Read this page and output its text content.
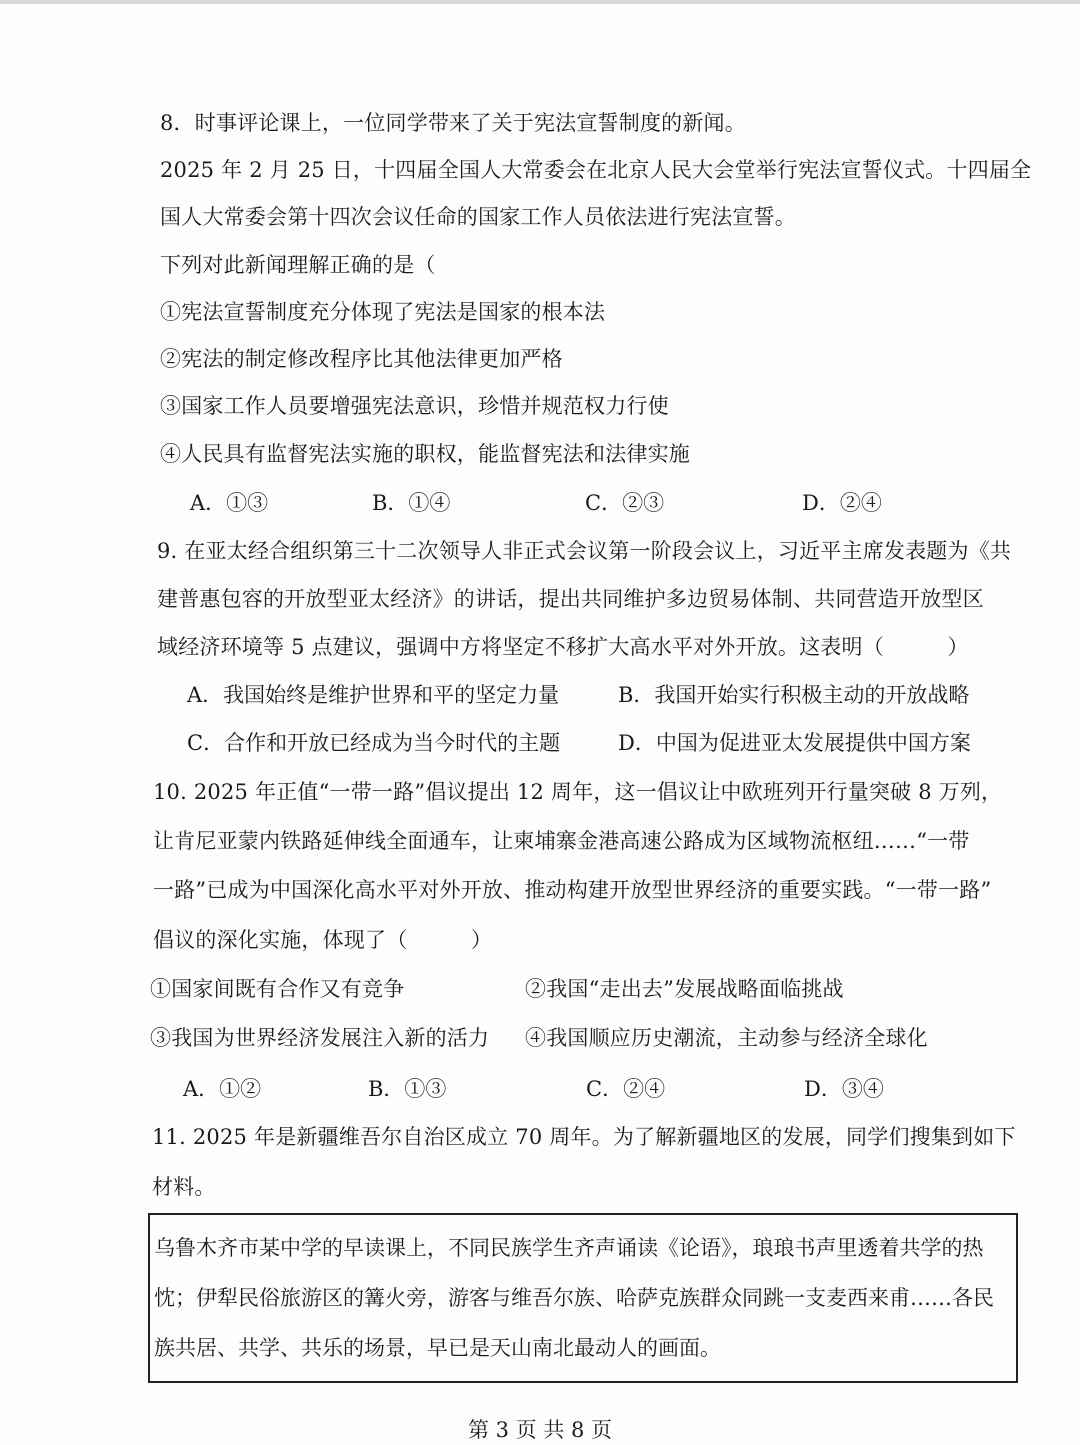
8．时事评论课上，一位同学带来了关于宪法宣誓制度的新闻。
2025 年 2 月 25 日，十四届全国人大常委会在北京人民大会堂举行宪法宣誓仪式。十四届全
国人大常委会第十四次会议任命的国家工作人员依法进行宪法宣誓。
下列对此新闻理解正确的是（
①宪法宣誓制度充分体现了宪法是国家的根本法
②宪法的制定修改程序比其他法律更加严格
③国家工作人员要增强宪法意识，珍惜并规范权力行使
④人民具有监督宪法实施的职权，能监督宪法和法律实施
A．①③	B．①④	C．②③	D．②④
9. 在亚太经合组织第三十二次领导人非正式会议第一阶段会议上，习近平主席发表题为《共
建普惠包容的开放型亚太经济》的讲话，提出共同维护多边贸易体制、共同营造开放型区
域经济环境等 5 点建议，强调中方将坚定不移扩大高水平对外开放。这表明（　　　）
A．我国始终是维护世界和平的坚定力量	B．我国开始实行积极主动的开放战略
C．合作和开放已经成为当今时代的主题	D．中国为促进亚太发展提供中国方案
10. 2025 年正值“一带一路”倡议提出 12 周年，这一倡议让中欧班列开行量突破 8 万列，
让肯尼亚蒙内铁路延伸线全面通车，让柬埔寨金港高速公路成为区域物流枢纽……“一带
一路”已成为中国深化高水平对外开放、推动构建开放型世界经济的重要实践。“一带一路”
倡议的深化实施，体现了（　　　）
①国家间既有合作又有竞争	②我国“走出去”发展战略面临挑战
③我国为世界经济发展注入新的活力 ④我国顺应历史潮流，主动参与经济全球化
A．①②	B．①③	C．②④	D．③④
11. 2025 年是新疆维吾尔自治区成立 70 周年。为了解新疆地区的发展，同学们搜集到如下
材料。
乌鲁木齐市某中学的早读课上，不同民族学生齐声诵读《论语》，琅琅书声里透着共学的热
忱；伊犁民俗旅游区的篝火旁，游客与维吾尔族、哈萨克族群众同跳一支麦西来甫……各民
族共居、共学、共乐的场景，早已是天山南北最动人的画面。
第 3 页 共 8 页
